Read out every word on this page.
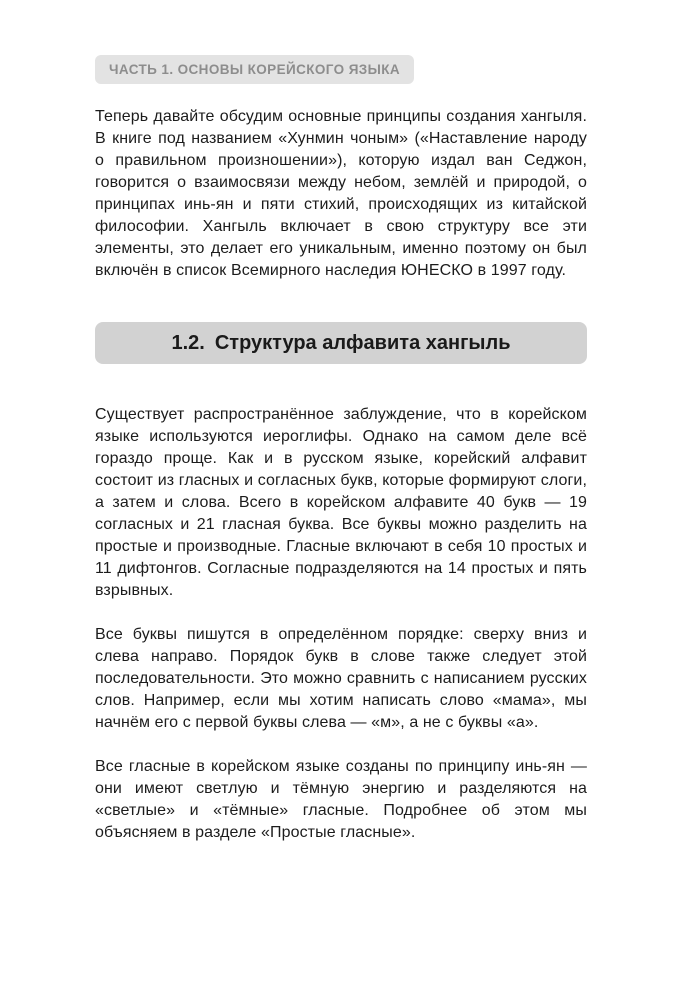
ЧАСТЬ 1. ОСНОВЫ КОРЕЙСКОГО ЯЗЫКА

Теперь давайте обсудим основные принципы создания хангыля. В книге под названием «Хунмин чоным» («Наставление народу о правильном произношении»), которую издал ван Седжон, говорится о взаимосвязи между небом, землёй и природой, о принципах инь-ян и пяти стихий, происходящих из китайской философии. Хангыль включает в свою структуру все эти элементы, это делает его уникальным, именно поэтому он был включён в список Всемирного наследия ЮНЕСКО в 1997 году.

1.2. Структура алфавита хангыль

Существует распространённое заблуждение, что в корейском языке используются иероглифы. Однако на самом деле всё гораздо проще. Как и в русском языке, корейский алфавит состоит из гласных и согласных букв, которые формируют слоги, а затем и слова. Всего в корейском алфавите 40 букв — 19 согласных и 21 гласная буква. Все буквы можно разделить на простые и производные. Гласные включают в себя 10 простых и 11 дифтонгов. Согласные подразделяются на 14 простых и пять взрывных.

Все буквы пишутся в определённом порядке: сверху вниз и слева направо. Порядок букв в слове также следует этой последовательности. Это можно сравнить с написанием русских слов. Например, если мы хотим написать слово «мама», мы начнём его с первой буквы слева — «м», а не с буквы «а».

Все гласные в корейском языке созданы по принципу инь-ян — они имеют светлую и тёмную энергию и разделяются на «светлые» и «тёмные» гласные. Подробнее об этом мы объясняем в разделе «Простые гласные».
